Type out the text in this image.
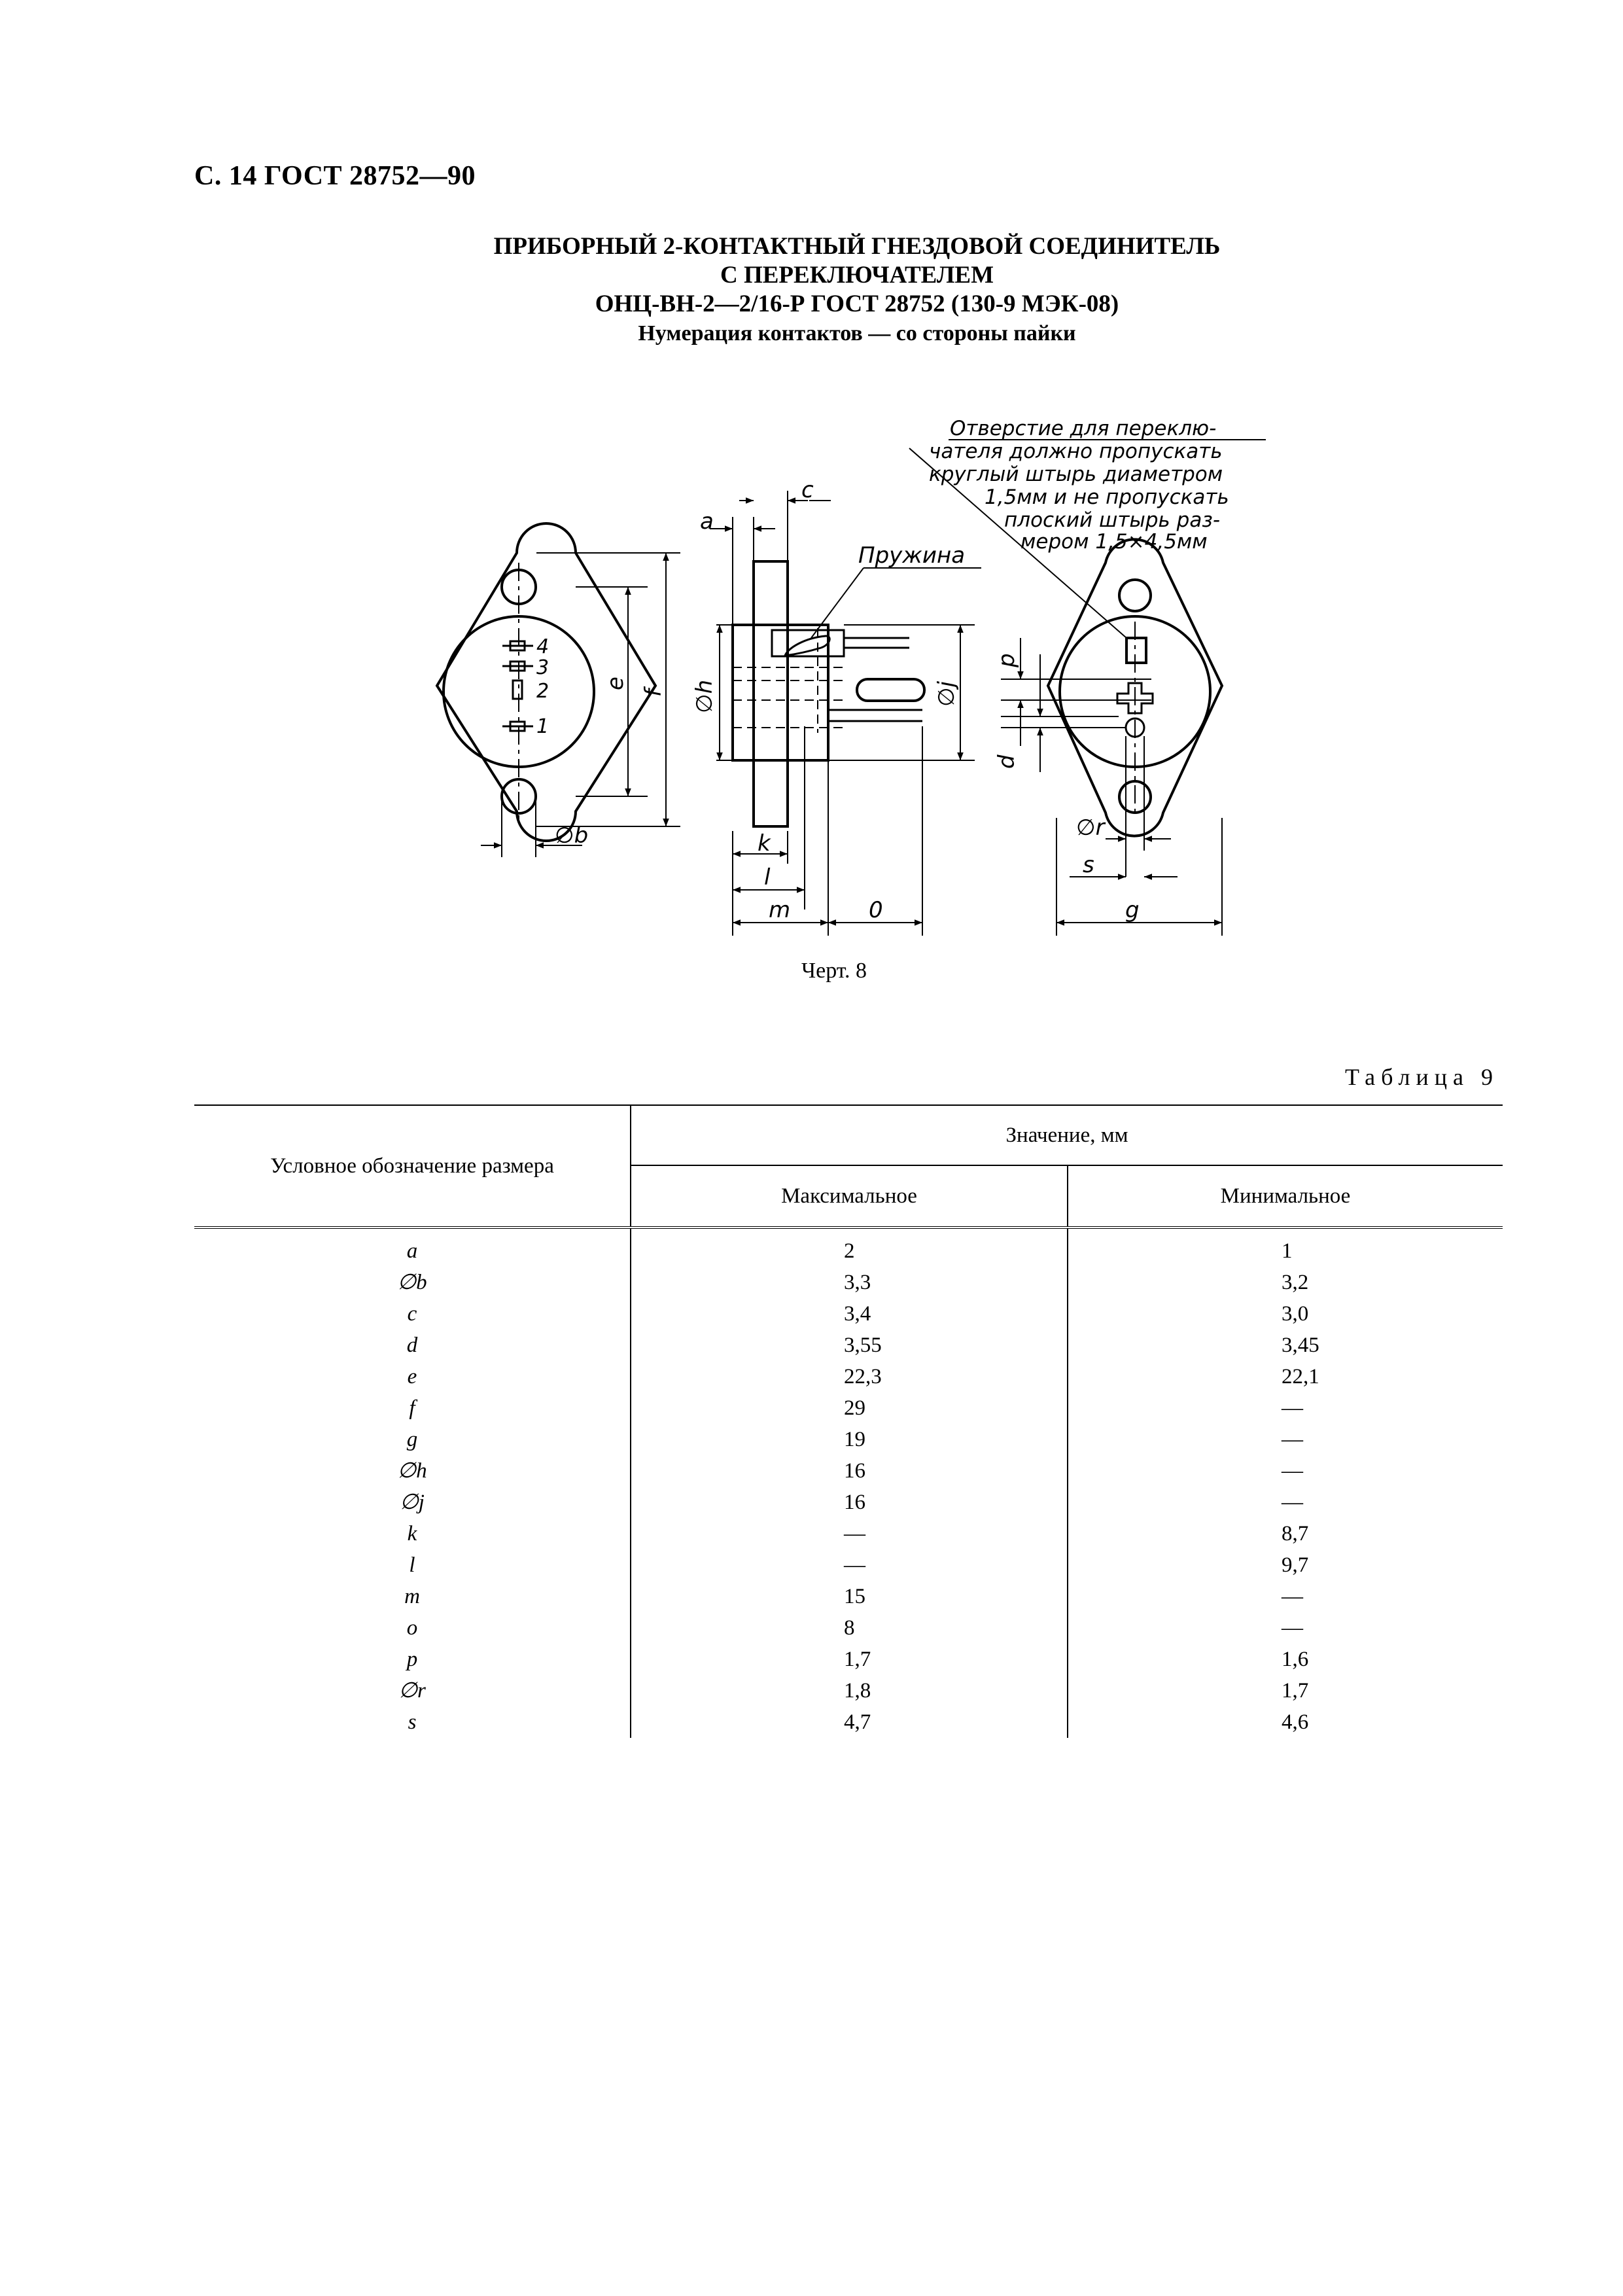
С. 14 ГОСТ 28752—90
ПРИБОРНЫЙ 2-КОНТАКТНЫЙ ГНЕЗДОВОЙ СОЕДИНИТЕЛЬ
С ПЕРЕКЛЮЧАТЕЛЕМ
ОНЦ-ВН-2—2/16-Р ГОСТ 28752 (130-9 МЭК-08)
Нумерация контактов — со стороны пайки
4
3
2
1
e
f
∅b
a
c
∅h	∅j
k
l
m	0
Пружина
p
d
∅r
s
g
Отверстие для переклю-
чателя должно пропускать
круглый штырь диаметром
1,5мм и не пропускать
плоский штырь раз-
мером 1,5×4,5мм
Черт. 8
Таблица 9
Условное обозначение размера	Значение, мм	
	Максимальное	Минимальное
a	2	1
∅b	3,3	3,2
c	3,4	3,0
d	3,55	3,45
e	22,3	22,1
f	29	—
g	19	—
∅h	16	—
∅j	16	—
k	—	8,7
l	—	9,7
m	15	—
o	8	—
p	1,7	1,6
∅r	1,8	1,7
s	4,7	4,6
